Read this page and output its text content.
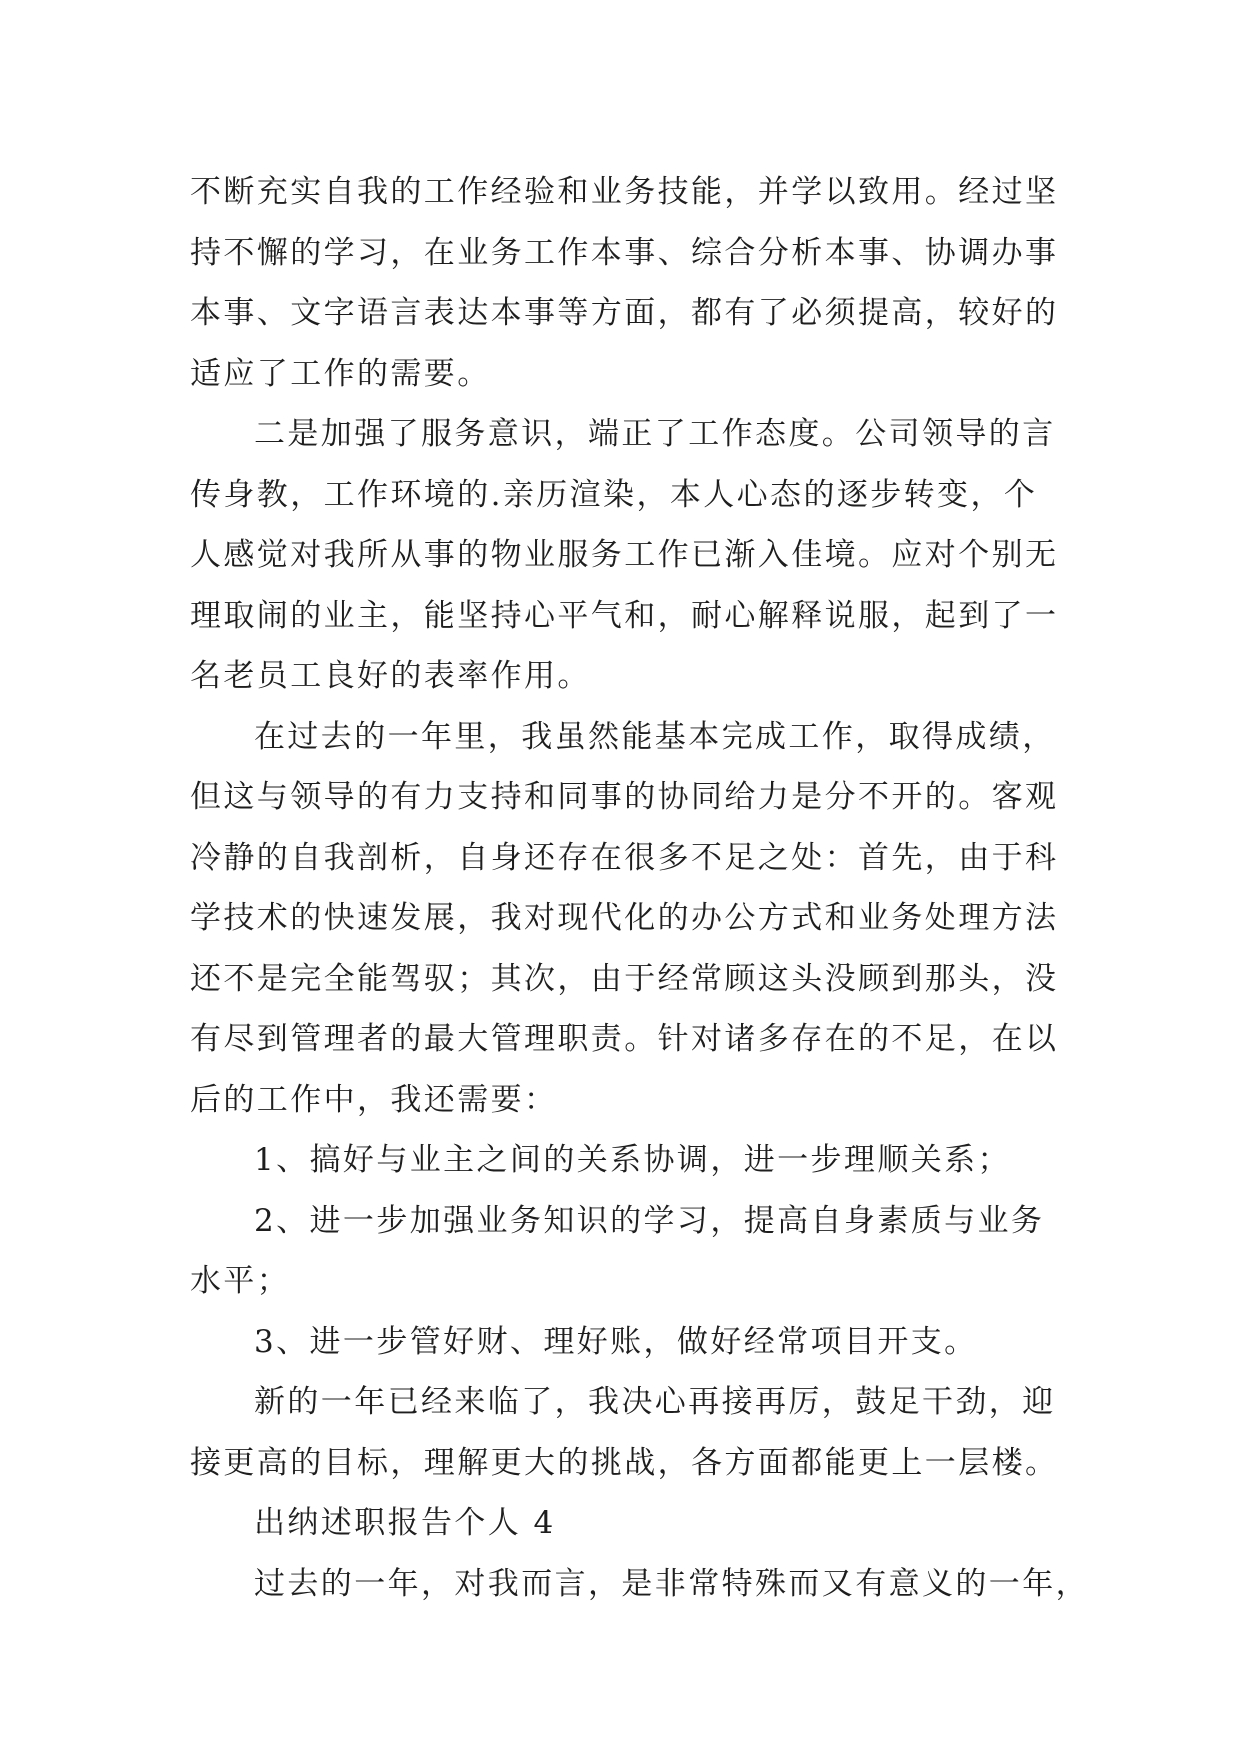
不断充实自我的工作经验和业务技能，并学以致用。经过坚
持不懈的学习，在业务工作本事、综合分析本事、协调办事
本事、文字语言表达本事等方面，都有了必须提高，较好的
适应了工作的需要。
二是加强了服务意识，端正了工作态度。公司领导的言
传身教，工作环境的.亲历渲染，本人心态的逐步转变，个
人感觉对我所从事的物业服务工作已渐入佳境。应对个别无
理取闹的业主，能坚持心平气和，耐心解释说服，起到了一
名老员工良好的表率作用。
在过去的一年里，我虽然能基本完成工作，取得成绩，
但这与领导的有力支持和同事的协同给力是分不开的。客观
冷静的自我剖析，自身还存在很多不足之处：首先，由于科
学技术的快速发展，我对现代化的办公方式和业务处理方法
还不是完全能驾驭；其次，由于经常顾这头没顾到那头，没
有尽到管理者的最大管理职责。针对诸多存在的不足，在以
后的工作中，我还需要：
1、搞好与业主之间的关系协调，进一步理顺关系；
2、进一步加强业务知识的学习，提高自身素质与业务
水平；
3、进一步管好财、理好账，做好经常项目开支。
新的一年已经来临了，我决心再接再厉，鼓足干劲，迎
接更高的目标，理解更大的挑战，各方面都能更上一层楼。
出纳述职报告个人 4
过去的一年，对我而言，是非常特殊而又有意义的一年，
